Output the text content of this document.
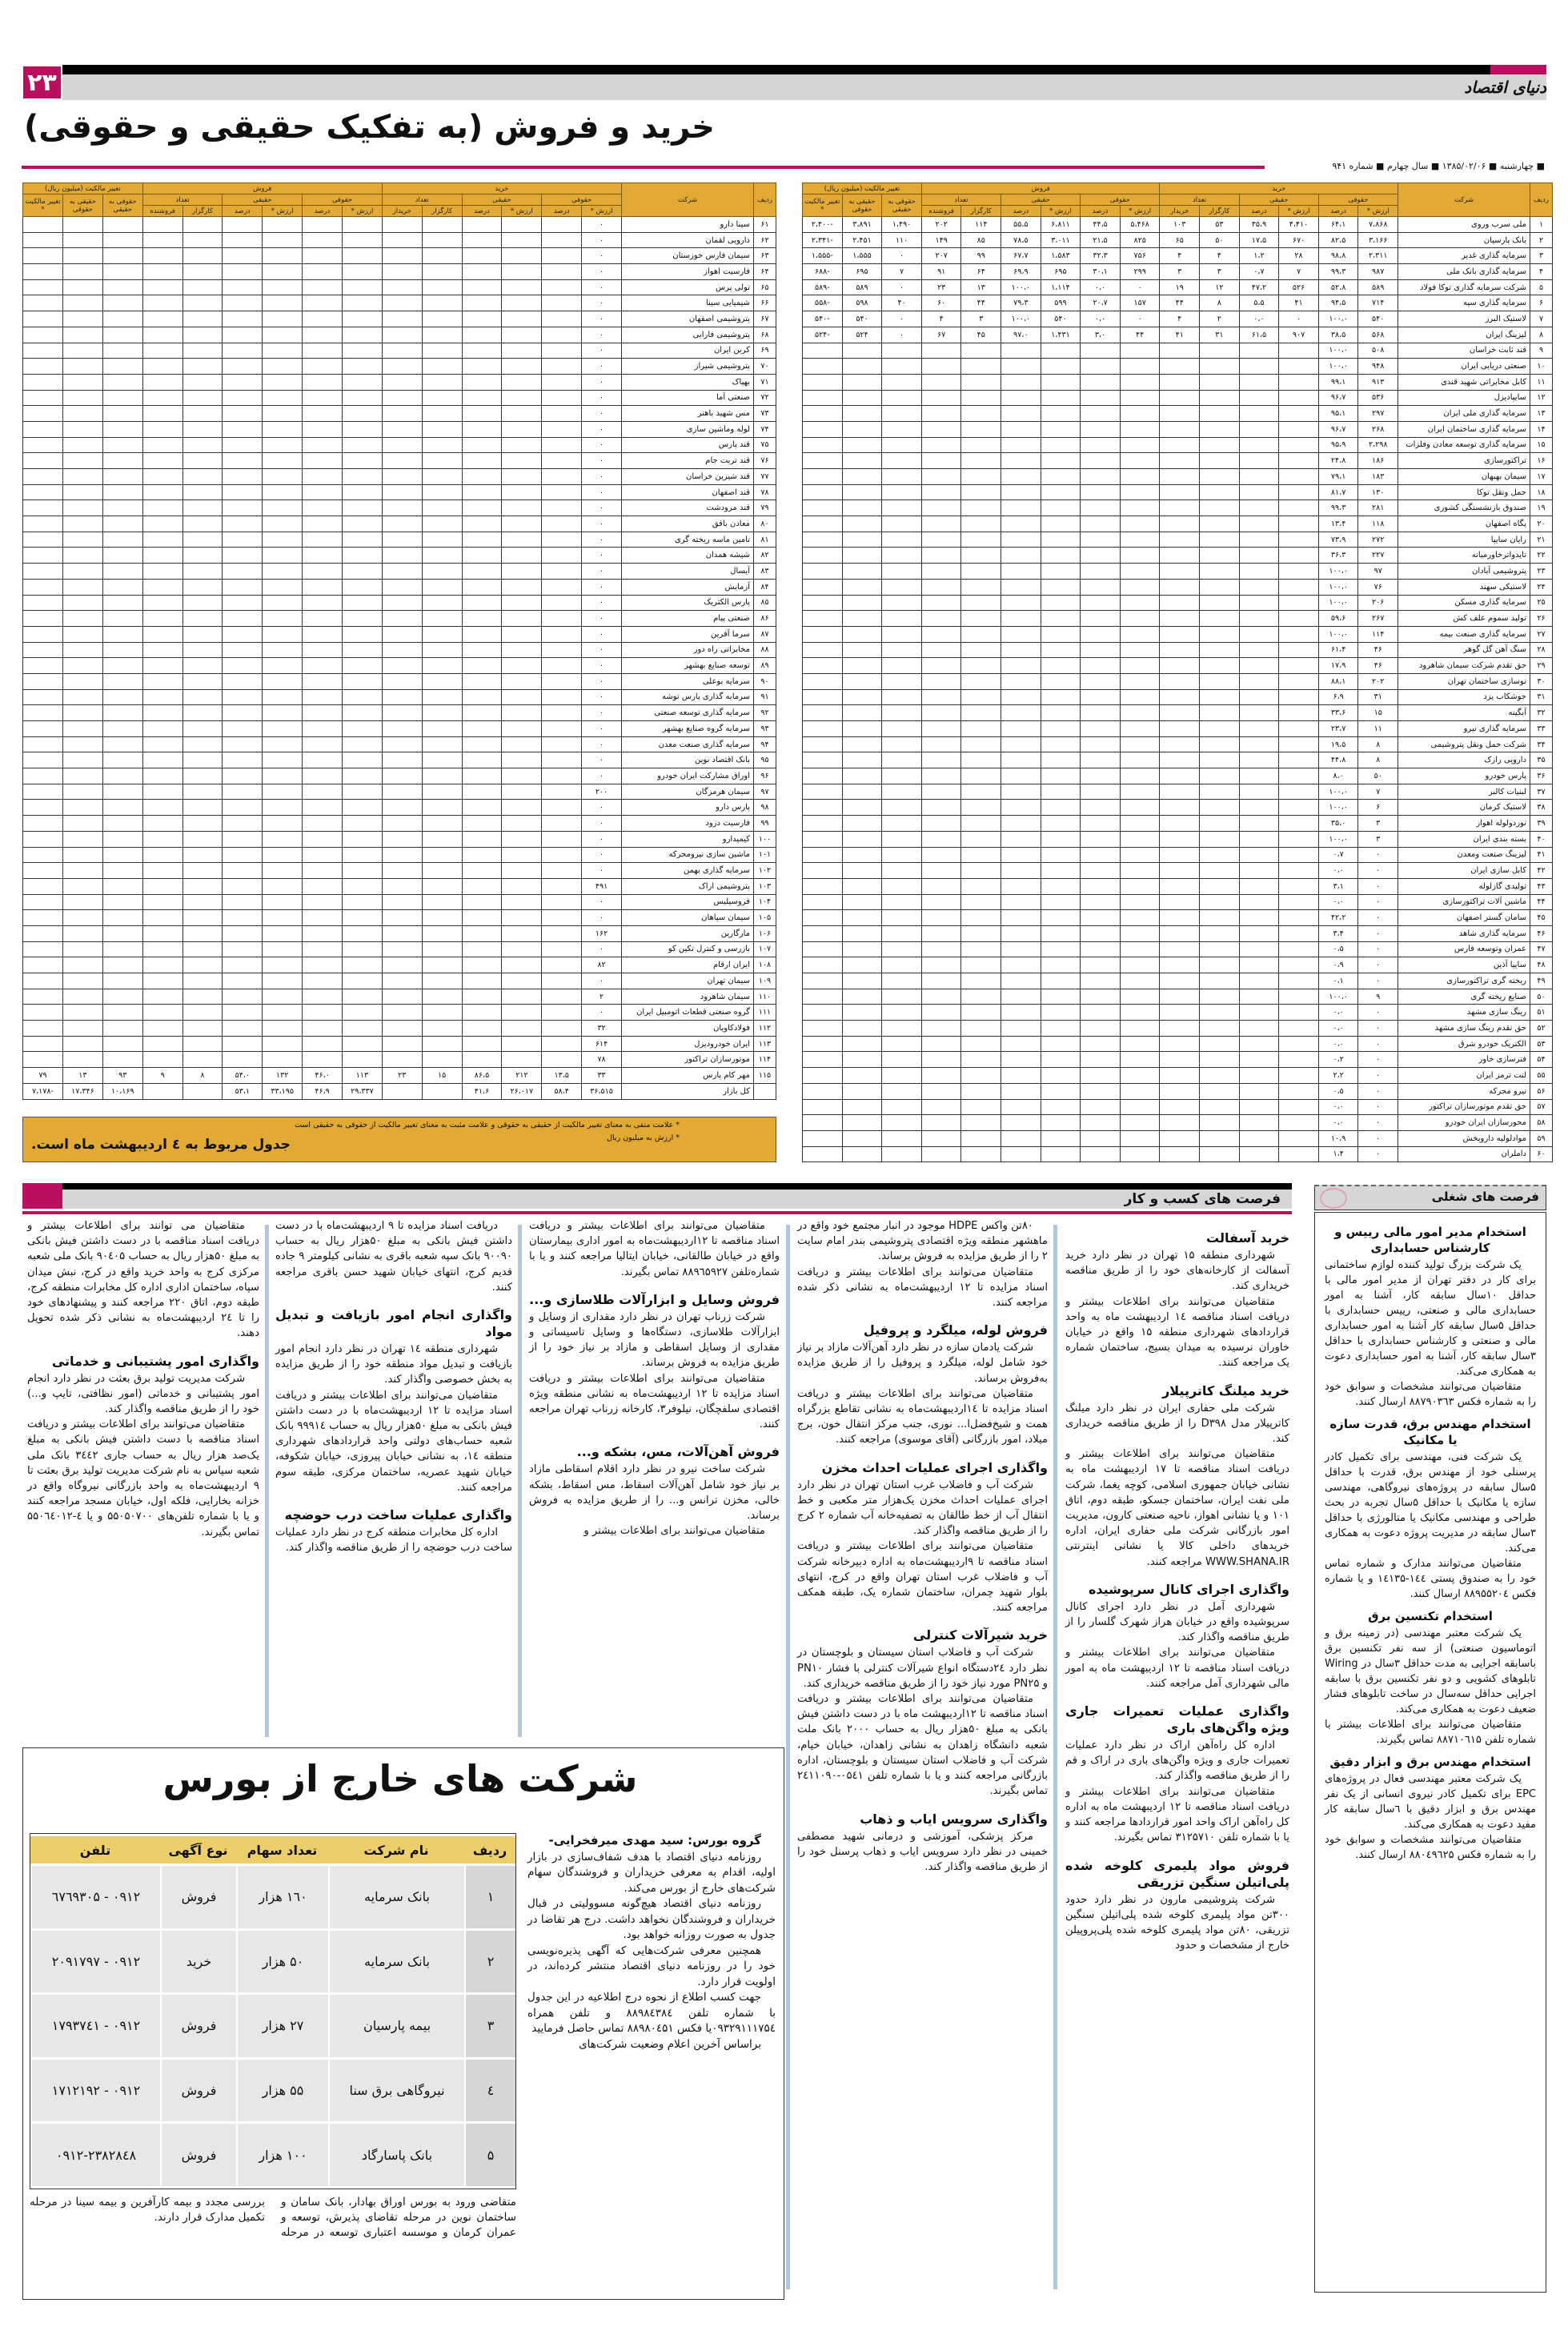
۲۳	دنیای اقتصاد
خرید و فروش (به تفکیک حقیقی و حقوقی)
■ چهارشنبه ■ ۱۳۸۵/۰۲/۰۶ ■ سال چهارم ■ شماره ۹۴۱
ردیف	شرکت	خرید						فروش						تغییر مالکیت (میلیون ریال)		
		حقوقی		حقیقی		تعداد		حقوقی		حقیقی		تعداد		حقوقی به حقیقی	حقیقی به حقوقی	تغییر مالکیت *
		ارزش *	درصد	ارزش *	درصد	کارگزار	خریدار	ارزش *	درصد	ارزش *	درصد	کارگزار	فروشنده			
۱	ملی سرب وروی	۷،۸۶۸	۶۴،۱	۴،۴۱۰	۳۵،۹	۵۳	۱۰۳	۵،۴۶۸	۴۴،۵	۶،۸۱۱	۵۵،۵	۱۱۴	۲۰۲	۱،۴۹۰	۳،۸۹۱	-۲،۴۰۰
۲	بانک پارسیان	۳،۱۶۶	۸۲،۵	۶۷۰	۱۷،۵	۵۰	۶۵	۸۲۵	۲۱،۵	۳،۰۱۱	۷۸،۵	۸۵	۱۴۹	۱۱۰	۲،۴۵۱	-۲،۳۴۱
۳	سرمایه گذاری غدیر	۲،۳۱۱	۹۸،۸	۲۸	۱،۲	۴	۴	۷۵۶	۳۲،۳	۱،۵۸۳	۶۷،۷	۹۹	۲۰۷	۰	۱،۵۵۵	-۱،۵۵۵
۴	سرمایه گذاری بانک ملی	۹۸۷	۹۹،۳	۷	۰،۷	۳	۳	۲۹۹	۳۰،۱	۶۹۵	۶۹،۹	۶۴	۹۱	۷	۶۹۵	-۶۸۸
۵	شرکت سرمایه گذاری توکا فولاد	۵۸۹	۵۲،۸	۵۲۶	۴۷،۲	۱۲	۱۹	۰	۰،۰	۱،۱۱۴	۱۰۰،۰	۱۳	۲۳	۰	۵۸۹	-۵۸۹
۶	سرمایه گذاری سپه	۷۱۴	۹۴،۵	۴۱	۵،۵	۸	۴۴	۱۵۷	۲۰،۷	۵۹۹	۷۹،۳	۴۴	۶۰	۴۰	۵۹۸	-۵۵۸
۷	لاستیک البرز	۵۴۰	۱۰۰،۰	۰	۰،۰	۲	۴	۰	۰،۰	۵۴۰	۱۰۰،۰	۳	۴	۰	۵۴۰	-۵۴۰
۸	لیزینگ ایران	۵۶۸	۳۸،۵	۹۰۷	۶۱،۵	۳۱	۴۱	۴۴	۳،۰	۱،۴۳۱	۹۷،۰	۴۵	۶۷	۰	۵۲۴	-۵۲۴
۹	قند ثابت خراسان	۵۰۸	۱۰۰،۰													
۱۰	صنعتی دریایی ایران	۹۴۸	۱۰۰،۰													
۱۱	کابل مخابراتی شهید قندی	۹۱۳	۹۹،۱													
۱۲	سایپادیزل	۵۳۶	۹۶،۷													
۱۳	سرمایه گذاری ملی ایران	۲۹۷	۹۵،۱													
۱۴	سرمایه گذاری ساختمان ایران	۲۶۸	۹۶،۷													
۱۵	سرمایه گذاری توسعه معادن وفلزات	۲،۲۹۸	۹۵،۹													
۱۶	تراکتورسازی	۱۸۶	۲۴،۸													
۱۷	سیمان بهبهان	۱۸۳	۷۹،۱													
۱۸	حمل ونقل توکا	۱۳۰	۸۱،۷													
۱۹	صندوق بازنشستگی کشوری	۲۸۱	۹۹،۳													
۲۰	پگاه اصفهان	۱۱۸	۱۳،۴													
۲۱	رایان سایپا	۲۷۲	۷۳،۹													
۲۲	تایدواترخاورمیانه	۲۲۷	۳۶،۳													
۲۳	پتروشیمی آبادان	۹۷	۱۰۰،۰													
۲۴	لاستیکی سهند	۷۶	۱۰۰،۰													
۲۵	سرمایه گذاری مسکن	۲۰۶	۱۰۰،۰													
۲۶	تولید سموم علف کش	۲۶۷	۵۹،۶													
۲۷	سرمایه گذاری صنعت بیمه	۱۱۴	۱۰۰،۰													
۲۸	سنگ آهن گل گوهر	۴۶	۶۱،۴													
۲۹	حق تقدم شرکت سیمان شاهرود	۴۶	۱۷،۹													
۳۰	نوسازی ساختمان تهران	۲۰۲	۸۸،۱													
۳۱	جوشکاب یزد	۳۱	۶،۹													
۳۲	آبگینه	۱۵	۳۳،۶													
۳۳	سرمایه گذاری نیرو	۱۱	۲۳،۷													
۳۴	شرکت حمل ونقل پتروشیمی	۸	۱۹،۵													
۳۵	دارویی رازک	۸	۴۴،۸													
۳۶	پارس خودرو	۵۰	۸،۰													
۳۷	لبنیات کالبر	۷	۱۰۰،۰													
۳۸	لاستیک کرمان	۶	۱۰۰،۰													
۳۹	نوردولوله اهواز	۳	۳۵،۰													
۴۰	بسته بندی ایران	۳	۱۰۰،۰													
۴۱	لیزینگ صنعت ومعدن	۰	۰،۷													
۴۲	کابل سازی ایران	۰	۰،۰													
۴۳	تولیدی گازلوله	۰	۳،۱													
۴۴	ماشین آلات تراکتورسازی	۰	۰،۰													
۴۵	سامان گستر اصفهان	۰	۴۲،۲													
۴۶	سرمایه گذاری شاهد	۰	۳،۴													
۴۷	عمران وتوسعه فارس	۰	۰،۵													
۴۸	سایپا آذین	۰	۰،۹													
۴۹	ریخته گری تراکتورسازی	۰	۰،۱													
۵۰	صنایع ریخته گری	۹	۱۰۰،۰													
۵۱	رینگ سازی مشهد	۰	۰،۰													
۵۲	حق تقدم رینگ سازی مشهد	۰	۰،۰													
۵۳	الکتریک خودرو شرق	۰	۰،۰													
۵۴	فنرسازی خاور	۰	۰،۲													
۵۵	لنت ترمز ایران	۰	۲،۲													
۵۶	نیرو محرکه	۰	۰،۵													
۵۷	حق تقدم موتورسازان تراکتور	۰	۰،۰													
۵۸	محورسازان ایران خودرو	۰	۰،۰													
۵۹	موادلولیه داروپخش	۰	۱۰،۹													
۶۰	داملران	۰	۱،۴													
ردیف	شرکت	خرید						فروش						تغییر مالکیت (میلیون ریال)		
		حقوقی		حقیقی		تعداد		حقوقی		حقیقی		تعداد		حقوقی به حقیقی	حقیقی به حقوقی	تغییر مالکیت *
		ارزش *	درصد	ارزش *	درصد	کارگزار	خریدار	ارزش *	درصد	ارزش *	درصد	کارگزار	فروشنده			
۶۱	سینا دارو	۰														
۶۲	دارویی لقمان	۰														
۶۳	سیمان فارس خوزستان	۰														
۶۴	فارسیت اهواز	۰														
۶۵	تولی پرس	۰														
۶۶	شیمیایی سینا	۰														
۶۷	پتروشیمی اصفهان	۰														
۶۸	پتروشیمی فارابی	۰														
۶۹	کربن ایران	۰														
۷۰	پتروشیمی شیراز	۰														
۷۱	بهپاک	۰														
۷۲	صنعتی آما	۰														
۷۳	مس شهید باهنر	۰														
۷۴	لوله وماشین سازی	۰														
۷۵	قند پارس	۰														
۷۶	قند تربت جام	۰														
۷۷	قند شیرین خراسان	۰														
۷۸	قند اصفهان	۰														
۷۹	قند مرودشت	۰														
۸۰	معادن بافق	۰														
۸۱	تامین ماسه ریخته گری	۰														
۸۲	شیشه همدان	۰														
۸۳	آیسال	۰														
۸۴	آزمایش	۰														
۸۵	پارس الکتریک	۰														
۸۶	صنعتی پیام	۰														
۸۷	سرما آفرین	۰														
۸۸	مخابراتی راه دور	۰														
۸۹	توسعه صنایع بهشهر	۰														
۹۰	سرمایه بوعلی	۰														
۹۱	سرمایه گذاری پارس توشه	۰														
۹۲	سرمایه گذاری توسعه صنعتی	۰														
۹۳	سرمایه گروه صنایع بهشهر	۰														
۹۴	سرمایه گذاری صنعت معدن	۰														
۹۵	بانک اقتصاد نوین	۰														
۹۶	اوراق مشارکت ایران خودرو	۰														
۹۷	سیمان هرمزگان	۲۰۰														
۹۸	پارس دارو	۰														
۹۹	فارسیت درود	۰														
۱۰۰	کیمیدارو	۰														
۱۰۱	ماشین سازی نیرومحرکه	۰														
۱۰۲	سرمایه گذاری بهمن	۰														
۱۰۳	پتروشیمی اراک	۴۹۱														
۱۰۴	فروسیلیس	۰														
۱۰۵	سیمان سپاهان	۰														
۱۰۶	مارگارین	۱۶۲														
۱۰۷	بازرسی و کنترل تکین کو	۰														
۱۰۸	ایران ارقام	۸۲														
۱۰۹	سیمان تهران	۰														
۱۱۰	سیمان شاهرود	۲														
۱۱۱	گروه صنعتی قطعات اتومبیل ایران	۰														
۱۱۲	فولادکاویان	۳۲														
۱۱۳	ایران خودرودیزل	۶۱۴														
۱۱۴	موتورسازان تراکتور	۷۸														
۱۱۵	مهر کام پارس	۳۳	۱۳،۵	۲۱۲	۸۶،۵	۱۵	۲۳	۱۱۳	۴۶،۰	۱۳۲	۵۴،۰	۸	۹	۹۳	۱۳	۷۹
	کل بازار	۳۶،۵۱۵	۵۸،۴	۲۶،۰۱۷	۴۱،۶			۲۹،۳۳۷	۴۶،۹	۳۳،۱۹۵	۵۳،۱			۱۰،۱۶۹	۱۷،۳۴۶	-۷،۱۷۸
* علامت منفی به معنای تغییر مالکیت از حقیقی به حقوقی و علامت مثبت به معنای تغییر مالکیت از حقوقی به حقیقی است
* ارزش به میلیون ریال
جدول مربوط به ٤ اردیبهشت ماه است.
فرصت های کسب و کار
خرید آسفالت

شهرداری منطقه ۱۵ تهران در نظر دارد خرید آسفالت از کارخانه‌های خود را از طریق مناقصه خریداری کند.

متقاضیان می‌توانند برای اطلاعات بیشتر و دریافت اسناد مناقصه ۱٤ اردیبهشت ماه به واحد قراردادهای شهرداری منطقه ۱۵ واقع در خیابان خاوران نرسیده به میدان بسیج، ساختمان شماره یک مراجعه کنند.

خرید میلنگ کاترپیلار

شرکت ملی حفاری ایران در نظر دارد میلنگ کاترپیلار مدل D۳۹۸ را از طریق مناقصه خریداری کند.

متقاضیان می‌توانند برای اطلاعات بیشتر و دریافت اسناد مناقصه تا ۱۷ اردیبهشت ماه به نشانی خیابان جمهوری اسلامی، کوچه یغما، شرکت ملی نفت ایران، ساختمان جسکو، طبقه دوم، اتاق ۱۰۱ و یا نشانی اهواز، ناحیه صنعتی کارون، مدیریت امور بازرگانی شرکت ملی حفاری ایران، اداره خریدهای داخلی کالا یا نشانی اینترنتی WWW.SHANA.IR مراجعه کنند.

واگذاری اجرای کانال سرپوشیده

شهرداری آمل در نظر دارد اجرای کانال سرپوشیده واقع در خیابان هراز شهرک گلسار را از طریق مناقصه واگذار کند.

متقاضیان می‌توانند برای اطلاعات بیشتر و دریافت اسناد مناقصه تا ۱۲ اردیبهشت ماه به امور مالی شهرداری آمل مراجعه کنند.

واگذاری عملیات تعمیرات جاری ویژه واگن‌های باری

اداره کل راه‌آهن اراک در نظر دارد عملیات تعمیرات جاری و ویژه واگن‌های باری در اراک و قم را از طریق مناقصه واگذار کند.

متقاضیان می‌توانند برای اطلاعات بیشتر و دریافت اسناد مناقصه تا ۱۲ اردیبهشت ماه به اداره کل راه‌آهن اراک واحد امور قراردادها مراجعه کنند و یا با شماره تلفن ۳۱۲۵۷۱۰ تماس بگیرند.

فروش مواد پلیمری کلوخه شده پلی‌اتیلن سنگین تزریقی

شرکت پتروشیمی مارون در نظر دارد حدود ۳۰۰تن مواد پلیمری کلوخه شده پلی‌اتیلن سنگین تزریقی، ۸۰تن مواد پلیمری کلوخه شده پلی‌پروپیلن خارج از مشخصات و حدود

۸۰تن واکس HDPE موجود در انبار مجتمع خود واقع در ماهشهر منطقه ویژه اقتصادی پتروشیمی بندر امام سایت ۲ را از طریق مزایده به فروش برساند.

متقاضیان می‌توانند برای اطلاعات بیشتر و دریافت اسناد مزایده تا ۱۲ اردیبهشت‌ماه به نشانی ذکر شده مراجعه کنند.

فروش لوله، میلگرد و پروفیل

شرکت یادمان سازه در نظر دارد آهن‌آلات مازاد بر نیاز خود شامل لوله، میلگرد و پروفیل را از طریق مزایده به‌فروش برساند.

متقاضیان می‌توانند برای اطلاعات بیشتر و دریافت اسناد مزایده تا ۱٤اردیبهشت‌ماه به نشانی تقاطع بزرگراه همت و شیخ‌فضل‌ا... نوری، جنب مرکز انتقال خون، برج میلاد، امور بازرگانی (آقای موسوی) مراجعه کنند.

واگذاری اجرای عملیات احداث مخزن

شرکت آب و فاضلاب غرب استان تهران در نظر دارد اجرای عملیات احداث مخزن یک‌هزار متر مکعبی و خط انتقال آب از خط طالقان به تصفیه‌خانه آب شماره ۲ کرج را از طریق مناقصه واگذار کند.

متقاضیان می‌توانند برای اطلاعات بیشتر و دریافت اسناد مناقصه تا ۹اردیبهشت‌ماه به اداره دبیرخانه شرکت آب و فاضلاب غرب استان تهران واقع در کرج، انتهای بلوار شهید چمران، ساختمان شماره یک، طبقه همکف مراجعه کنند.

خرید شیرآلات کنترلی

شرکت آب و فاضلاب استان سیستان و بلوچستان در نظر دارد ۲٤دستگاه انواع شیرآلات کنترلی با فشار PN۱۰ و PN۲۵ مورد نیاز خود را از طریق مناقصه خریداری کند.

متقاضیان می‌توانند برای اطلاعات بیشتر و دریافت اسناد مناقصه تا ۱۲اردیبهشت ماه با در دست داشتن فیش بانکی به مبلغ ۵۰هزار ریال به حساب ۲۰۰۰ بانک ملت شعبه دانشگاه زاهدان به نشانی زاهدان، خیابان خیام، شرکت آب و فاضلاب استان سیستان و بلوچستان، اداره بازرگانی مراجعه کنند و یا با شماره تلفن ۰۵٤۱-۲٤۱۱۰۹۰ تماس بگیرند.

واگذاری سرویس ایاب و ذهاب

مرکز پزشکی، آموزشی و درمانی شهید مصطفی خمینی در نظر دارد سرویس ایاب و ذهاب پرسنل خود را از طریق مناقصه واگذار کند.

متقاضیان می‌توانند برای اطلاعات بیشتر و دریافت اسناد مناقصه تا ۱۲اردیبهشت‌ماه به امور اداری بیمارستان واقع در خیابان طالقانی، خیابان ایتالیا مراجعه کنند و یا با شماره‌تلفن ۸۸۹٦۵۹۲۷ تماس بگیرند.

فروش وسایل و ابزارآلات طلاسازی و...

شرکت زرناب تهران در نظر دارد مقداری از وسایل و ابزارآلات طلاسازی، دستگاه‌ها و وسایل تاسیساتی و مقداری از وسایل اسقاطی و مازاد بر نیاز خود را از طریق مزایده به فروش برساند.

متقاضیان می‌توانند برای اطلاعات بیشتر و دریافت اسناد مزایده تا ۱۲ اردیبهشت‌ماه به نشانی منطقه ویژه اقتصادی سلفچگان، نیلوفر۳، کارخانه زرناب تهران مراجعه کنند.

فروش آهن‌آلات، مس، بشکه و...

شرکت ساخت نیرو در نظر دارد اقلام اسقاطی مازاد بر نیاز خود شامل آهن‌آلات اسقاط، مس اسقاط، بشکه خالی، مخزن ترانس و... را از طریق مزایده به فروش برساند.

متقاضیان می‌توانند برای اطلاعات بیشتر و

دریافت اسناد مزایده تا ۹ اردیبهشت‌ماه با در دست داشتن فیش بانکی به مبلغ ۵۰هزار ریال به حساب ۹۰۰۹۰ بانک سپه شعبه باقری به نشانی کیلومتر ۹ جاده قدیم کرج، انتهای خیابان شهید حسن باقری مراجعه کنند.

واگذاری انجام امور بازیافت و تبدیل مواد

شهرداری منطقه ۱٤ تهران در نظر دارد انجام امور بازیافت و تبدیل مواد منطقه خود را از طریق مزایده به بخش خصوصی واگذار کند.

متقاضیان می‌توانند برای اطلاعات بیشتر و دریافت اسناد مزایده تا ۱۲ اردیبهشت‌ماه با در دست داشتن فیش بانکی به مبلغ ۵۰هزار ریال به حساب ۹۹۹۱٤ بانک شعبه حساب‌های دولتی واحد قراردادهای شهرداری منطقه ۱٤، به نشانی خیابان پیروزی، خیابان شکوفه، خیابان شهید عصریه، ساختمان مرکزی، طبقه سوم مراجعه کنند.

واگذاری عملیات ساخت درب حوضچه

اداره کل مخابرات منطقه کرج در نظر دارد عملیات ساخت درب حوضچه را از طریق مناقصه واگذار کند.

متقاضیان می توانند برای اطلاعات بیشتر و دریافت اسناد مناقصه با در دست داشتن فیش بانکی به مبلغ ۵۰هزار ریال به حساب ۹۰٤۰۵ بانک ملی شعبه مرکزی کرج به واحد خرید واقع در کرج، نبش میدان سپاه، ساختمان اداری اداره کل مخابرات منطقه کرج، طبقه دوم، اتاق ۲۲۰ مراجعه کنند و پیشنهادهای خود را تا ۲٤ اردیبهشت‌ماه به نشانی ذکر شده تحویل دهند.

واگذاری امور پشتیبانی و خدماتی

شرکت مدیریت تولید برق بعثت در نظر دارد انجام امور پشتیبانی و خدماتی (امور نظافتی، تایپ و...) خود را از طریق مناقصه واگذار کند.

متقاضیان می‌توانند برای اطلاعات بیشتر و دریافت اسناد مناقصه با دست داشتن فیش بانکی به مبلغ یک‌صد هزار ریال به حساب جاری ۳٤٤۲ بانک ملی شعبه سپاس به نام شرکت مدیریت تولید برق بعثت تا ۹ اردیبهشت‌ماه به واحد بازرگانی نیروگاه واقع در خزانه بخارایی، فلکه اول، خیابان مسجد مراجعه کنند و یا با شماره تلفن‌های ۵۵۰۵۰۷۰۰ و یا ٤-۵۵۰٦٤۰۱۲ تماس بگیرند.

فرصت های شغلی
استخدام مدیر امور مالی رییس و کارشناس حسابداری

یک شرکت بزرگ تولید کننده لوازم ساختمانی برای کار در دفتر تهران از مدیر امور مالی با حداقل ۱۰سال سابقه کار، آشنا به امور حسابداری مالی و صنعتی، رییس حسابداری با حداقل ۵سال سابقه کار آشنا به امور حسابداری مالی و صنعتی و کارشناس حسابداری با حداقل ۳سال سابقه کار، آشنا به امور حسابداری دعوت به همکاری می‌کند.

متقاضیان می‌توانند مشخصات و سوابق خود را به شماره فکس ۸۸۷۹۰۳٦۳ ارسال کنند.

استخدام مهندس برق، قدرت سازه یا مکانیک

یک شرکت فنی، مهندسی برای تکمیل کادر پرسنلی خود از مهندس برق، قدرت با حداقل ۵سال سابقه در پروژه‌های نیروگاهی، مهندسی سازه یا مکانیک با حداقل ۵سال تجربه در بحث طراحی و مهندسی مکانیک یا متالورژی با حداقل ۳سال سابقه در مدیریت پروژه دعوت به همکاری می‌کند.

متقاضیان می‌توانند مدارک و شماره تماس خود را به صندوق پستی ۱٤٤-۱٤۱۳۵ و یا شماره فکس ۸۸۹۵۵۲۰٤ ارسال کنند.

استخدام تکنسین برق

یک شرکت معتبر مهندسی (در زمینه برق و اتوماسیون صنعتی) از سه نفر تکنسین برق باسابقه اجرایی به مدت حداقل ۳سال در Wiring تابلوهای کشویی و دو نفر تکنسین برق با سابقه اجرایی حداقل سه‌سال در ساخت تابلوهای فشار ضعیف دعوت به همکاری می‌کند.

متقاضیان می‌توانند برای اطلاعات بیشتر با شماره تلفن ۸۸۷۱۰٦۱۵ تماس بگیرند.

استخدام مهندس برق و ابزار دقیق

یک شرکت معتبر مهندسی فعال در پروژه‌های EPC برای تکمیل کادر نیروی انسانی از یک نفر مهندس برق و ابزار دقیق با ٦سال سابقه کار مفید دعوت به همکاری می‌کند.

متقاضیان می‌توانند مشخصات و سوابق خود را به شماره فکس ۸۸۰٤۹٦۲۵ ارسال کنند.

شرکت های خارج از بورس
ردیف	نام شرکت	تعداد سهام	نوع آگهی	تلفن
۱	بانک سرمایه	۱٦۰ هزار	فروش	۰۹۱۲ - ٦۷٦۹۳۰۵
۲	بانک سرمایه	۵۰ هزار	خرید	۰۹۱۲ - ۲۰۹۱۷۹۷
۳	بیمه پارسیان	۲۷ هزار	فروش	۰۹۱۲ - ۱۷۹۳۷٤۱
٤	نیروگاهی برق سنا	۵۵ هزار	فروش	۰۹۱۲ - ۱۷۱۲۱۹۲
۵	بانک پاسارگاد	۱۰۰ هزار	فروش	۰۹۱۲-۲۳۸۲۸٤۸

گروه بورس: سید مهدی میرفخرایی-

روزنامه دنیای اقتصاد با هدف شفاف‌سازی در بازار اولیه، اقدام به معرفی خریداران و فروشندگان سهام شرکت‌های خارج از بورس می‌کند.

روزنامه دنیای اقتصاد هیچ‌گونه مسوولیتی در قبال خریداران و فروشندگان نخواهد داشت. درج هر تقاضا در جدول به صورت روزانه خواهد بود.

همچنین معرفی شرکت‌هایی که آگهی پذیره‌نویسی خود را در روزنامه دنیای اقتصاد منتشر کرده‌اند، در اولویت قرار دارد.

جهت کسب اطلاع از نحوه درج اطلاعیه در این جدول با شماره تلفن ۸۸۹۸٤۳۸٤ و تلفن همراه ۰۹۳۲۹۱۱۱۷۵٤یا فکس ۸۸۹۸۰٤۵۱ تماس حاصل فرمایید

براساس آخرین اعلام وضعیت شرکت‌های

متقاضی ورود به بورس اوراق بهادار، بانک سامان و ساختمان نوین در مرحله تقاضای پذیرش، توسعه و عمران کرمان و موسسه اعتباری توسعه در مرحله بررسی مجدد و بیمه کارآفرین و بیمه سینا در مرحله تکمیل مدارک قرار دارند.
